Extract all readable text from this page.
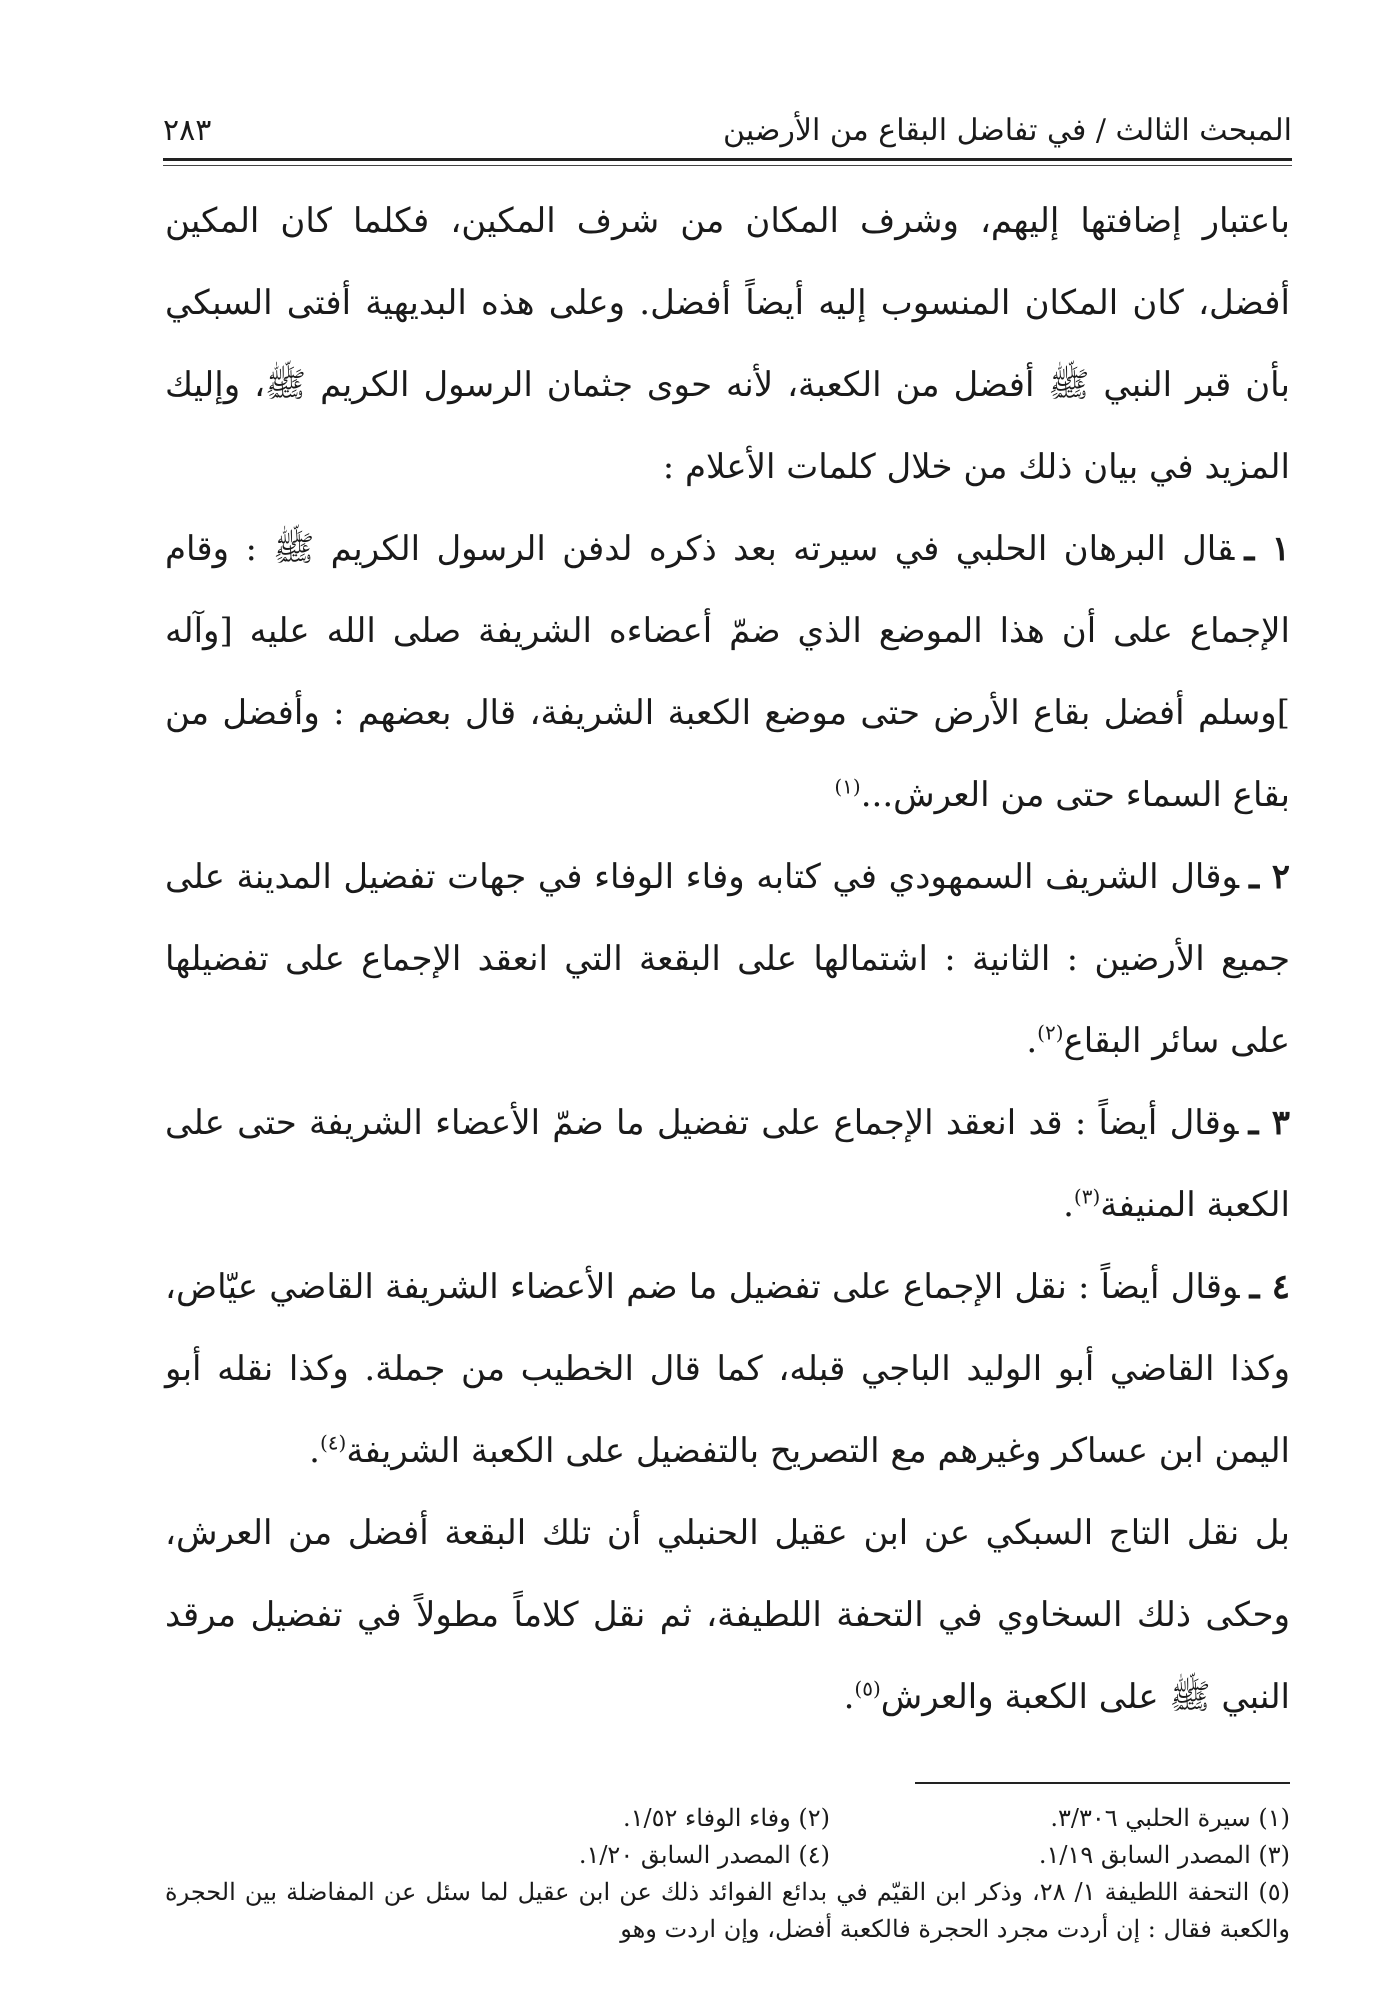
المبحث الثالث / في تفاضل البقاع من الأرضين
٢٨٣

باعتبار إضافتها إليهم، وشرف المكان من شرف المكين، فكلما كان المكين أفضل، كان المكان المنسوب إليه أيضاً أفضل. وعلى هذه البديهية أفتى السبكي بأن قبر النبي ﷺ أفضل من الكعبة، لأنه حوى جثمان الرسول الكريم ﷺ، وإليك المزيد في بيان ذلك من خلال كلمات الأعلام :

١ ـقال البرهان الحلبي في سيرته بعد ذكره لدفن الرسول الكريم ﷺ : وقام الإجماع على أن هذا الموضع الذي ضمّ أعضاءه الشريفة صلى الله عليه [وآله ]وسلم أفضل بقاع الأرض حتى موضع الكعبة الشريفة، قال بعضهم : وأفضل من بقاع السماء حتى من العرش...$^{(١)}$

٢ ـوقال الشريف السمهودي في كتابه وفاء الوفاء في جهات تفضيل المدينة على جميع الأرضين : الثانية : اشتمالها على البقعة التي انعقد الإجماع على تفضيلها على سائر البقاع$^{(٢)}$.

٣ ـوقال أيضاً : قد انعقد الإجماع على تفضيل ما ضمّ الأعضاء الشريفة حتى على الكعبة المنيفة$^{(٣)}$.

٤ ـوقال أيضاً : نقل الإجماع على تفضيل ما ضم الأعضاء الشريفة القاضي عيّاض، وكذا القاضي أبو الوليد الباجي قبله، كما قال الخطيب من جملة. وكذا نقله أبو اليمن ابن عساكر وغيرهم مع التصريح بالتفضيل على الكعبة الشريفة$^{(٤)}$.

بل نقل التاج السبكي عن ابن عقيل الحنبلي أن تلك البقعة أفضل من العرش، وحكى ذلك السخاوي في التحفة اللطيفة، ثم نقل كلاماً مطولاً في تفضيل مرقد النبي ﷺ على الكعبة والعرش$^{(٥)}$.

(١) سيرة الحلبي ٣/٣٠٦.
(٢) وفاء الوفاء ١/٥٢.
(٣) المصدر السابق ١/١٩.
(٤) المصدر السابق ١/٢٠.
(٥) التحفة اللطيفة ١/ ٢٨، وذكر ابن القيّم في بدائع الفوائد ذلك عن ابن عقيل لما سئل عن المفاضلة بين الحجرة والكعبة فقال : إن أردت مجرد الحجرة فالكعبة أفضل، وإن اردت وهو
